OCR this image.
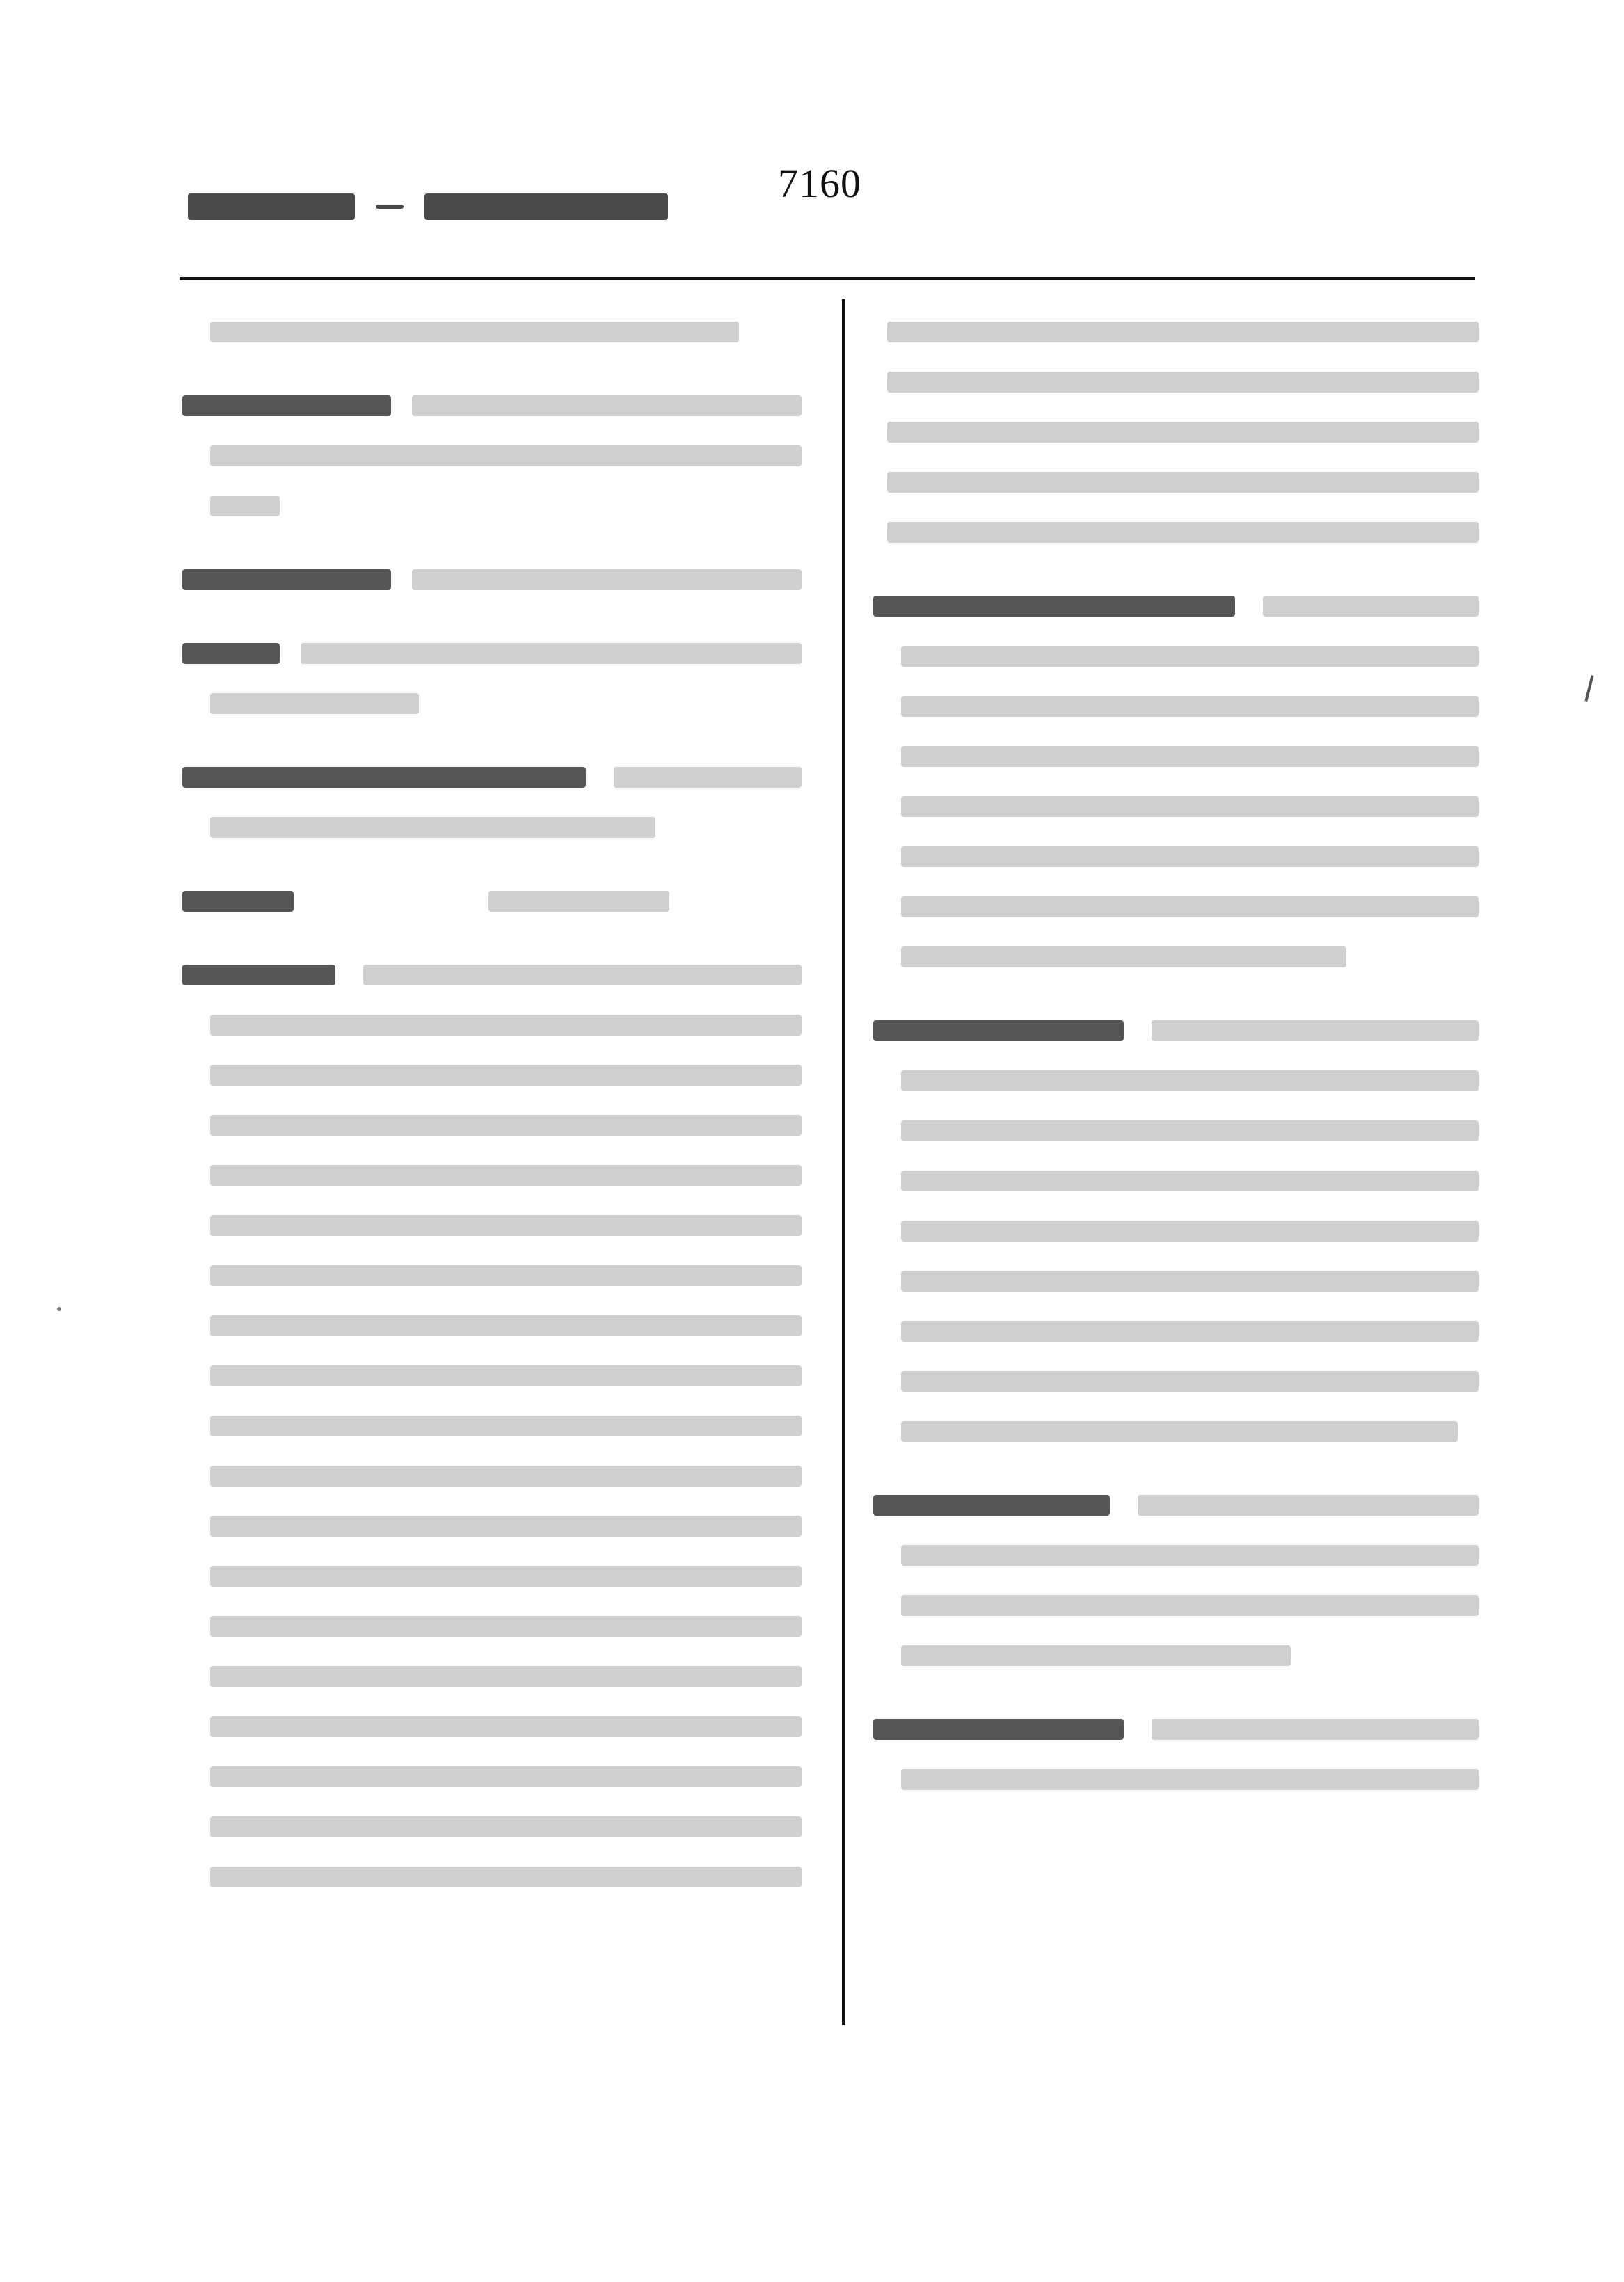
7160
